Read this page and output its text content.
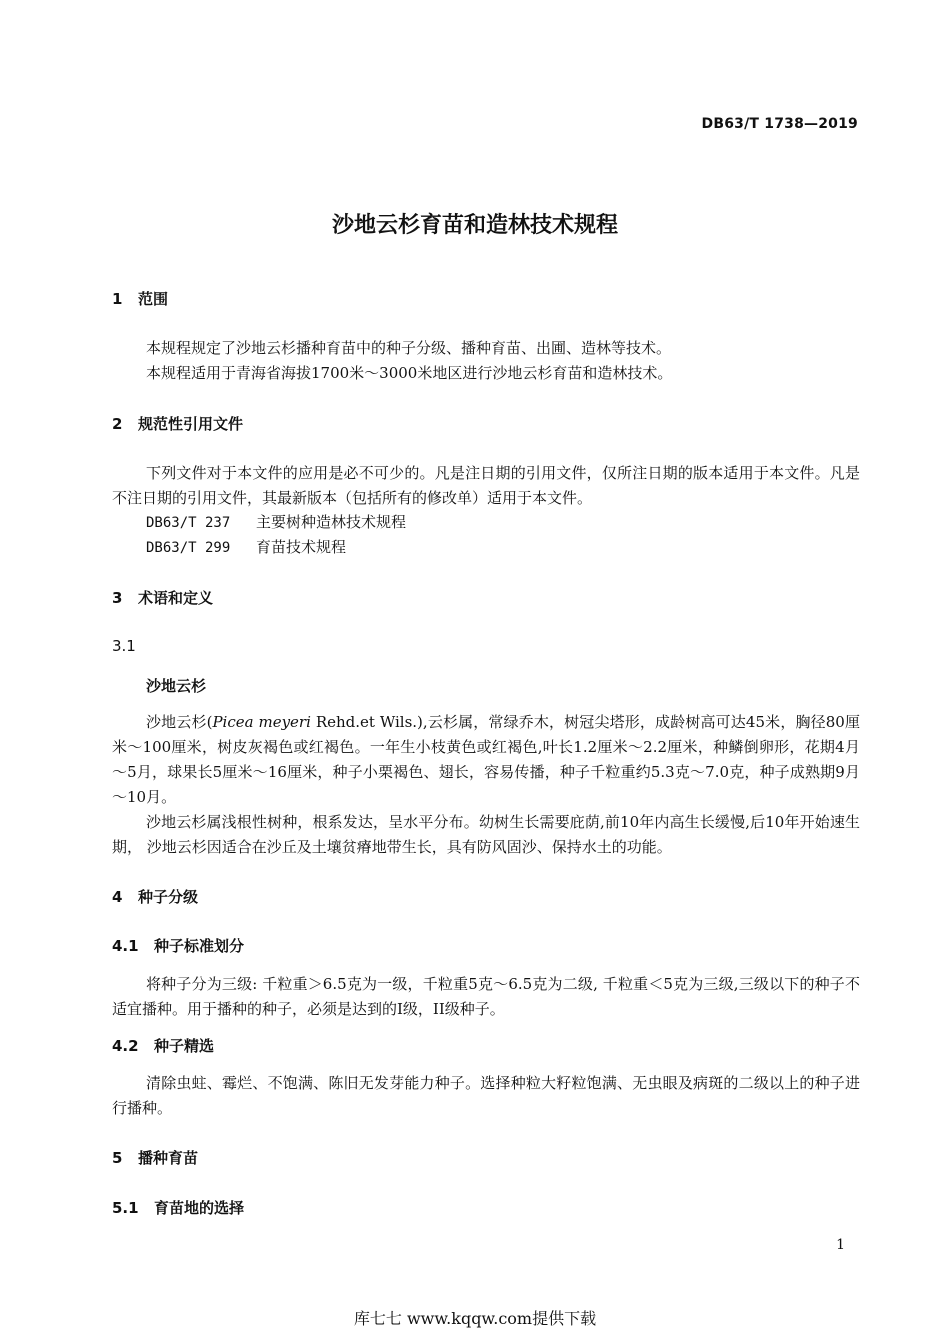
DB63/T 1738—2019
沙地云杉育苗和造林技术规程
1 范围
本规程规定了沙地云杉播种育苗中的种子分级、播种育苗、出圃、造林等技术。
本规程适用于青海省海拔1700米～3000米地区进行沙地云杉育苗和造林技术。
2 规范性引用文件
下列文件对于本文件的应用是必不可少的。凡是注日期的引用文件，仅所注日期的版本适用于本文件。凡是不注日期的引用文件，其最新版本（包括所有的修改单）适用于本文件。
DB63/T 237 主要树种造林技术规程
DB63/T 299 育苗技术规程
3 术语和定义
3.1
沙地云杉
沙地云杉(Picea meyeri Rehd.et Wils.),云杉属，常绿乔木，树冠尖塔形，成龄树高可达45米，胸径80厘米～100厘米，树皮灰褐色或红褐色。一年生小枝黄色或红褐色,叶长1.2厘米～2.2厘米，种鳞倒卵形，花期4月～5月，球果长5厘米～16厘米，种子小栗褐色、翅长，容易传播，种子千粒重约5.3克～7.0克，种子成熟期9月～10月。
沙地云杉属浅根性树种，根系发达，呈水平分布。幼树生长需要庇荫,前10年内高生长缓慢,后10年开始速生期， 沙地云杉因适合在沙丘及土壤贫瘠地带生长，具有防风固沙、保持水土的功能。
4 种子分级
4.1 种子标准划分
将种子分为三级: 千粒重＞6.5克为一级，千粒重5克～6.5克为二级, 千粒重＜5克为三级,三级以下的种子不适宜播种。用于播种的种子，必须是达到的I级，II级种子。
4.2 种子精选
清除虫蛀、霉烂、不饱满、陈旧无发芽能力种子。选择种粒大籽粒饱满、无虫眼及病斑的二级以上的种子进行播种。
5 播种育苗
5.1 育苗地的选择
1
库七七 www.kqqw.com提供下载
